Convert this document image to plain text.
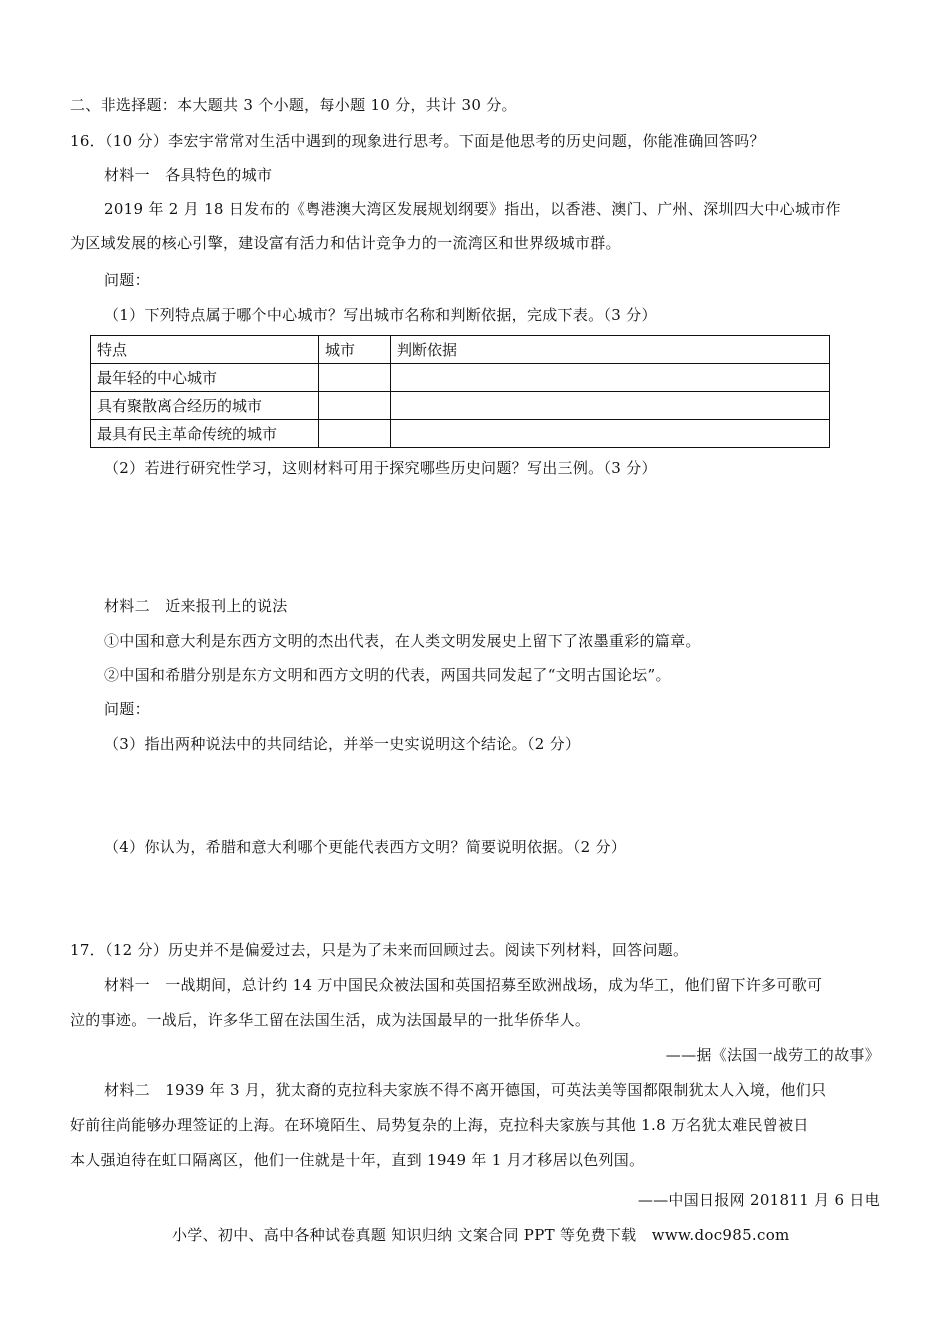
二、非选择题：本大题共 3 个小题，每小题 10 分，共计 30 分。
16．（10 分）李宏宇常常对生活中遇到的现象进行思考。下面是他思考的历史问题，你能准确回答吗？
材料一　各具特色的城市
2019 年 2 月 18 日发布的《粤港澳大湾区发展规划纲要》指出，以香港、澳门、广州、深圳四大中心城市作
为区域发展的核心引擎，建设富有活力和估计竞争力的一流湾区和世界级城市群。
问题：
（1）下列特点属于哪个中心城市？写出城市名称和判断依据，完成下表。（3 分）
特点	城市	判断依据
最年轻的中心城市		
具有聚散离合经历的城市		
最具有民主革命传统的城市		
（2）若进行研究性学习，这则材料可用于探究哪些历史问题？写出三例。（3 分）
材料二　近来报刊上的说法
①中国和意大利是东西方文明的杰出代表，在人类文明发展史上留下了浓墨重彩的篇章。
②中国和希腊分别是东方文明和西方文明的代表，两国共同发起了“文明古国论坛”。
问题：
（3）指出两种说法中的共同结论，并举一史实说明这个结论。（2 分）
（4）你认为，希腊和意大利哪个更能代表西方文明？简要说明依据。（2 分）
17．（12 分）历史并不是偏爱过去，只是为了未来而回顾过去。阅读下列材料，回答问题。
材料一　一战期间，总计约 14 万中国民众被法国和英国招募至欧洲战场，成为华工，他们留下许多可歌可
泣的事迹。一战后，许多华工留在法国生活，成为法国最早的一批华侨华人。
——据《法国一战劳工的故事》
材料二　1939 年 3 月，犹太裔的克拉科夫家族不得不离开德国，可英法美等国都限制犹太人入境，他们只
好前往尚能够办理签证的上海。在环境陌生、局势复杂的上海，克拉科夫家族与其他 1.8 万名犹太难民曾被日
本人强迫待在虹口隔离区，他们一住就是十年，直到 1949 年 1 月才移居以色列国。
——中国日报网 201811 月 6 日电
小学、初中、高中各种试卷真题 知识归纳 文案合同 PPT 等免费下载　www.doc985.com
